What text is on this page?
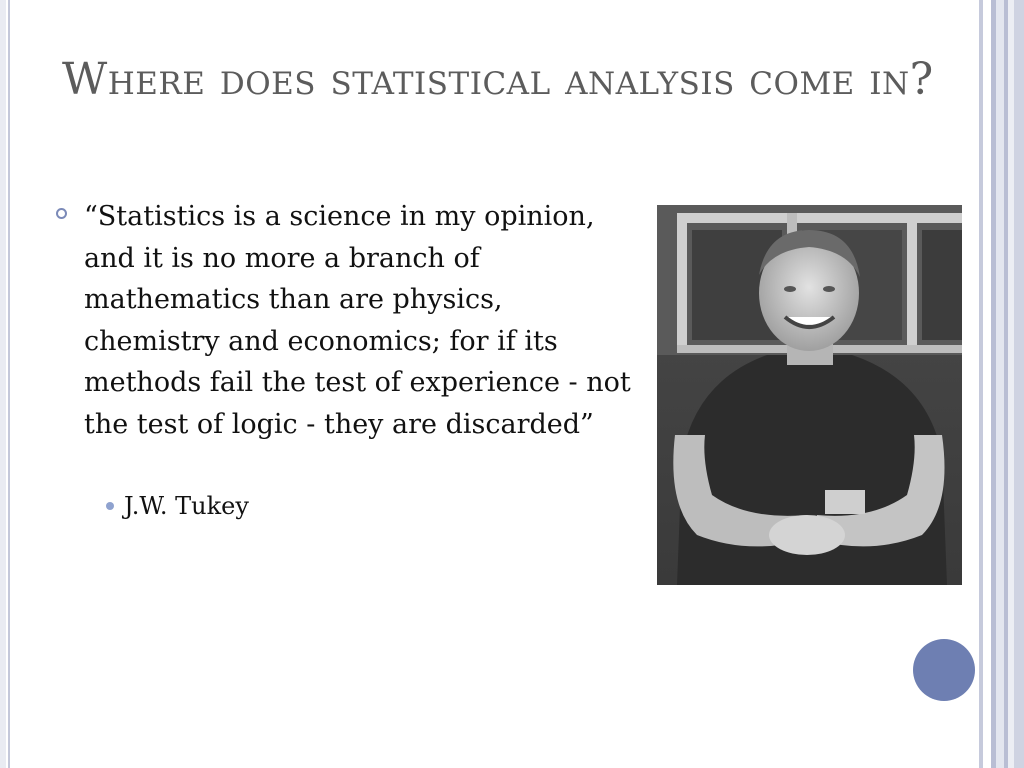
Where does statistical analysis come in?
“Statistics is a science in my opinion, and it is no more a branch of mathematics than are physics, chemistry and economics; for if its methods fail the test of experience - not the test of logic - they are discarded”
J.W. Tukey
